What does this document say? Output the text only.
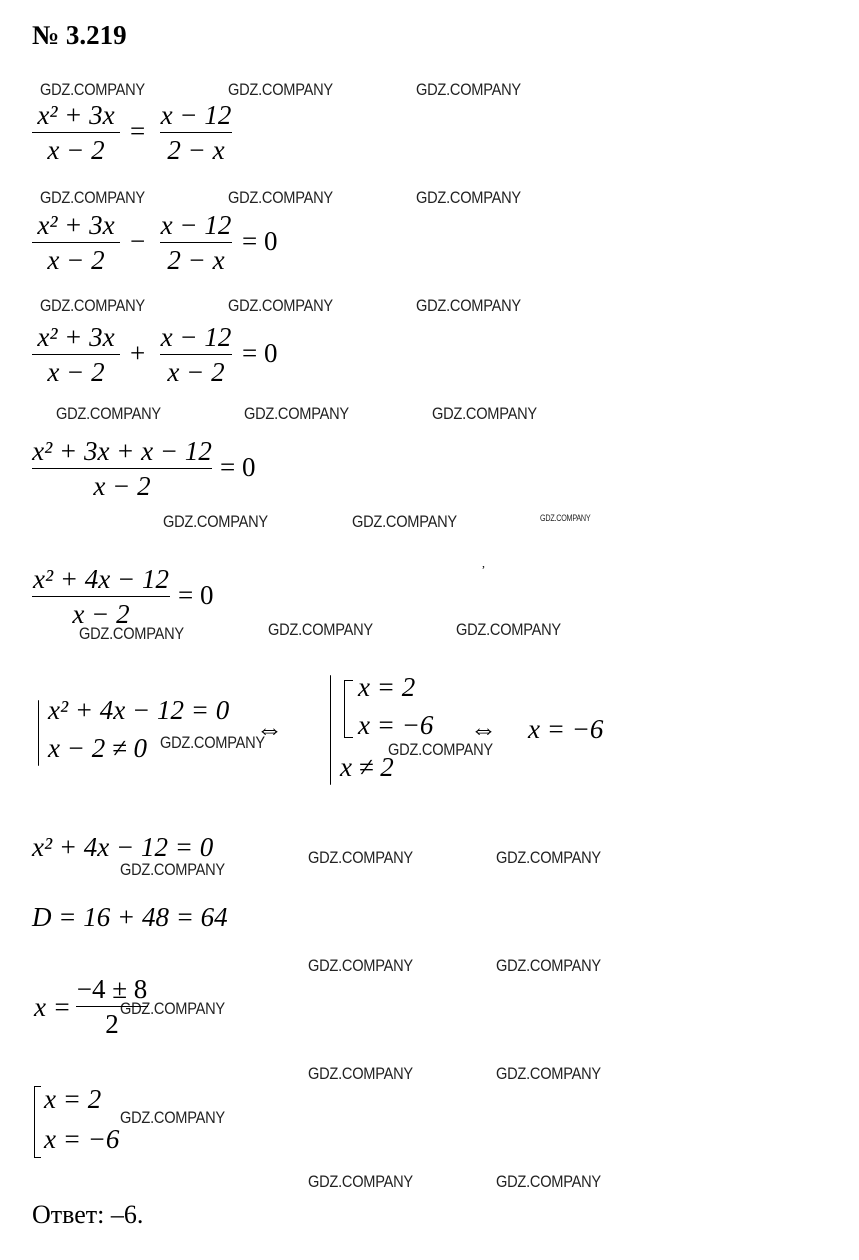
№ 3.219
GDZ.COMPANY	GDZ.COMPANY	GDZ.COMPANY
GDZ.COMPANY	GDZ.COMPANY	GDZ.COMPANY
GDZ.COMPANY	GDZ.COMPANY	GDZ.COMPANY
GDZ.COMPANY	GDZ.COMPANY	GDZ.COMPANY
GDZ.COMPANY	GDZ.COMPANY	GDZ.COMPANY
GDZ.COMPANY	GDZ.COMPANY	GDZ.COMPANY
GDZ.COMPANY	GDZ.COMPANY
GDZ.COMPANY
GDZ.COMPANY	GDZ.COMPANY
GDZ.COMPANY	GDZ.COMPANY
GDZ.COMPANY
GDZ.COMPANY	GDZ.COMPANY
GDZ.COMPANY
GDZ.COMPANY	GDZ.COMPANY
,
x² + 3x
x − 2
=
x − 12
2 − x
x² + 3x
x − 2
−
x − 12
2 − x
= 0
x² + 3x
x − 2
+
x − 12
x − 2
= 0
x² + 3x + x − 12
x − 2
= 0
x² + 4x − 12
x − 2
= 0
x² + 4x − 12 = 0
x − 2 ≠ 0
⇔
x = 2
x = −6
x ≠ 2
⇔ x = −6
x² + 4x − 12 = 0
D = 16 + 48 = 64
x =
−4 ± 8
2
x = 2
x = −6
Ответ: –6.
